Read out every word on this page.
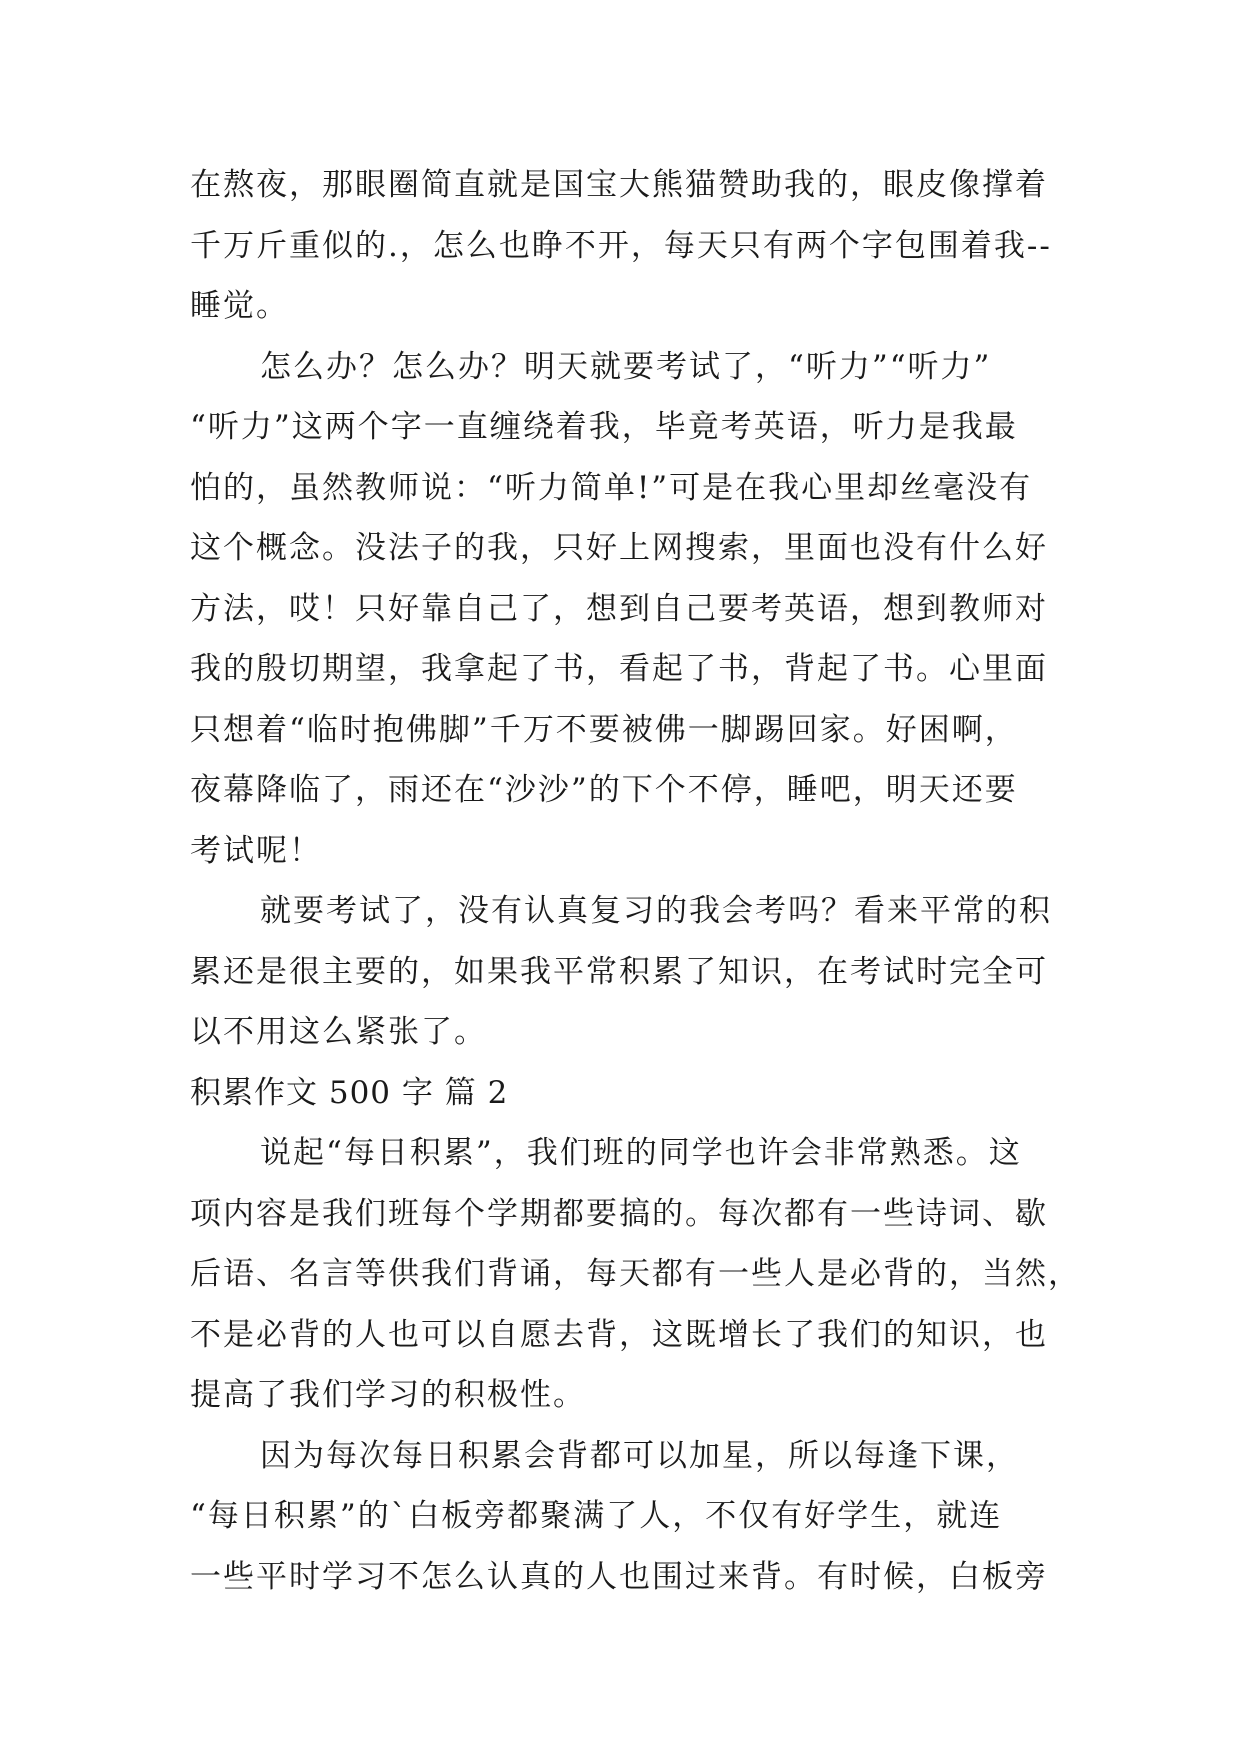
在熬夜，那眼圈简直就是国宝大熊猫赞助我的，眼皮像撑着
千万斤重似的.，怎么也睁不开，每天只有两个字包围着我--
睡觉。
怎么办？怎么办？明天就要考试了，“听力”“听力”
“听力”这两个字一直缠绕着我，毕竟考英语，听力是我最
怕的，虽然教师说：“听力简单!”可是在我心里却丝毫没有
这个概念。没法子的我，只好上网搜索，里面也没有什么好
方法，哎！只好靠自己了，想到自己要考英语，想到教师对
我的殷切期望，我拿起了书，看起了书，背起了书。心里面
只想着“临时抱佛脚”千万不要被佛一脚踢回家。好困啊，
夜幕降临了，雨还在“沙沙”的下个不停，睡吧，明天还要
考试呢！
就要考试了，没有认真复习的我会考吗？看来平常的积
累还是很主要的，如果我平常积累了知识，在考试时完全可
以不用这么紧张了。
积累作文 500 字 篇 2
说起“每日积累”，我们班的同学也许会非常熟悉。这
项内容是我们班每个学期都要搞的。每次都有一些诗词、歇
后语、名言等供我们背诵，每天都有一些人是必背的，当然，
不是必背的人也可以自愿去背，这既增长了我们的知识，也
提高了我们学习的积极性。
因为每次每日积累会背都可以加星，所以每逢下课，
“每日积累”的`白板旁都聚满了人，不仅有好学生，就连
一些平时学习不怎么认真的人也围过来背。有时候，白板旁
